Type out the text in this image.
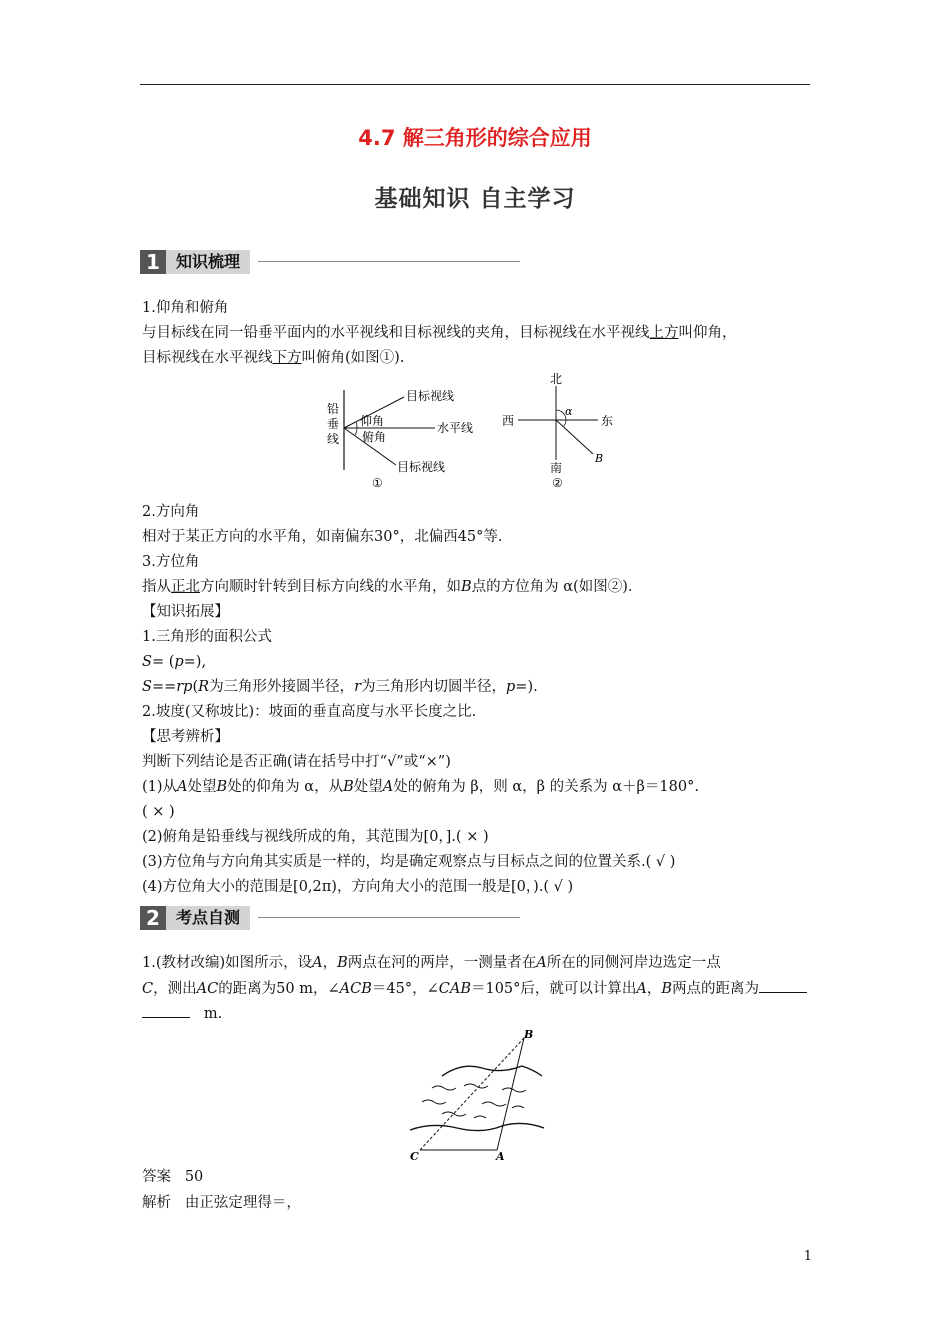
4.7 解三角形的综合应用
基础知识 自主学习
1	知识梳理
1.仰角和俯角
与目标线在同一铅垂平面内的水平视线和目标视线的夹角，目标视线在水平视线上方叫仰角，
目标视线在水平视线下方叫俯角(如图①).
铅
垂
线
目标视线
仰角	水平线
俯角
目标视线
①
北
西	东
南
α
B
②
2.方向角
相对于某正方向的水平角，如南偏东30°，北偏西45°等.
3.方位角
指从正北方向顺时针转到目标方向线的水平角，如B点的方位角为 α(如图②).
【知识拓展】
1.三角形的面积公式
S= (p=),
S==rp(R为三角形外接圆半径，r为三角形内切圆半径，p=).
2.坡度(又称坡比)：坡面的垂直高度与水平长度之比.
【思考辨析】
判断下列结论是否正确(请在括号中打“√”或“×”)
(1)从A处望B处的仰角为 α，从B处望A处的俯角为 β，则 α，β 的关系为 α＋β＝180°.
( × )
(2)俯角是铅垂线与视线所成的角，其范围为[0，].( × )
(3)方位角与方向角其实质是一样的，均是确定观察点与目标点之间的位置关系.( √ )
(4)方位角大小的范围是[0,2π)，方向角大小的范围一般是[0，).( √ )
2	考点自测
1.(教材改编)如图所示，设A，B两点在河的两岸，一测量者在A所在的同侧河岸边选定一点
C，测出AC的距离为50 m，∠ACB＝45°，∠CAB＝105°后，就可以计算出A，B两点的距离为
m.
B
C	A
答案 50
解析 由正弦定理得＝，
1
